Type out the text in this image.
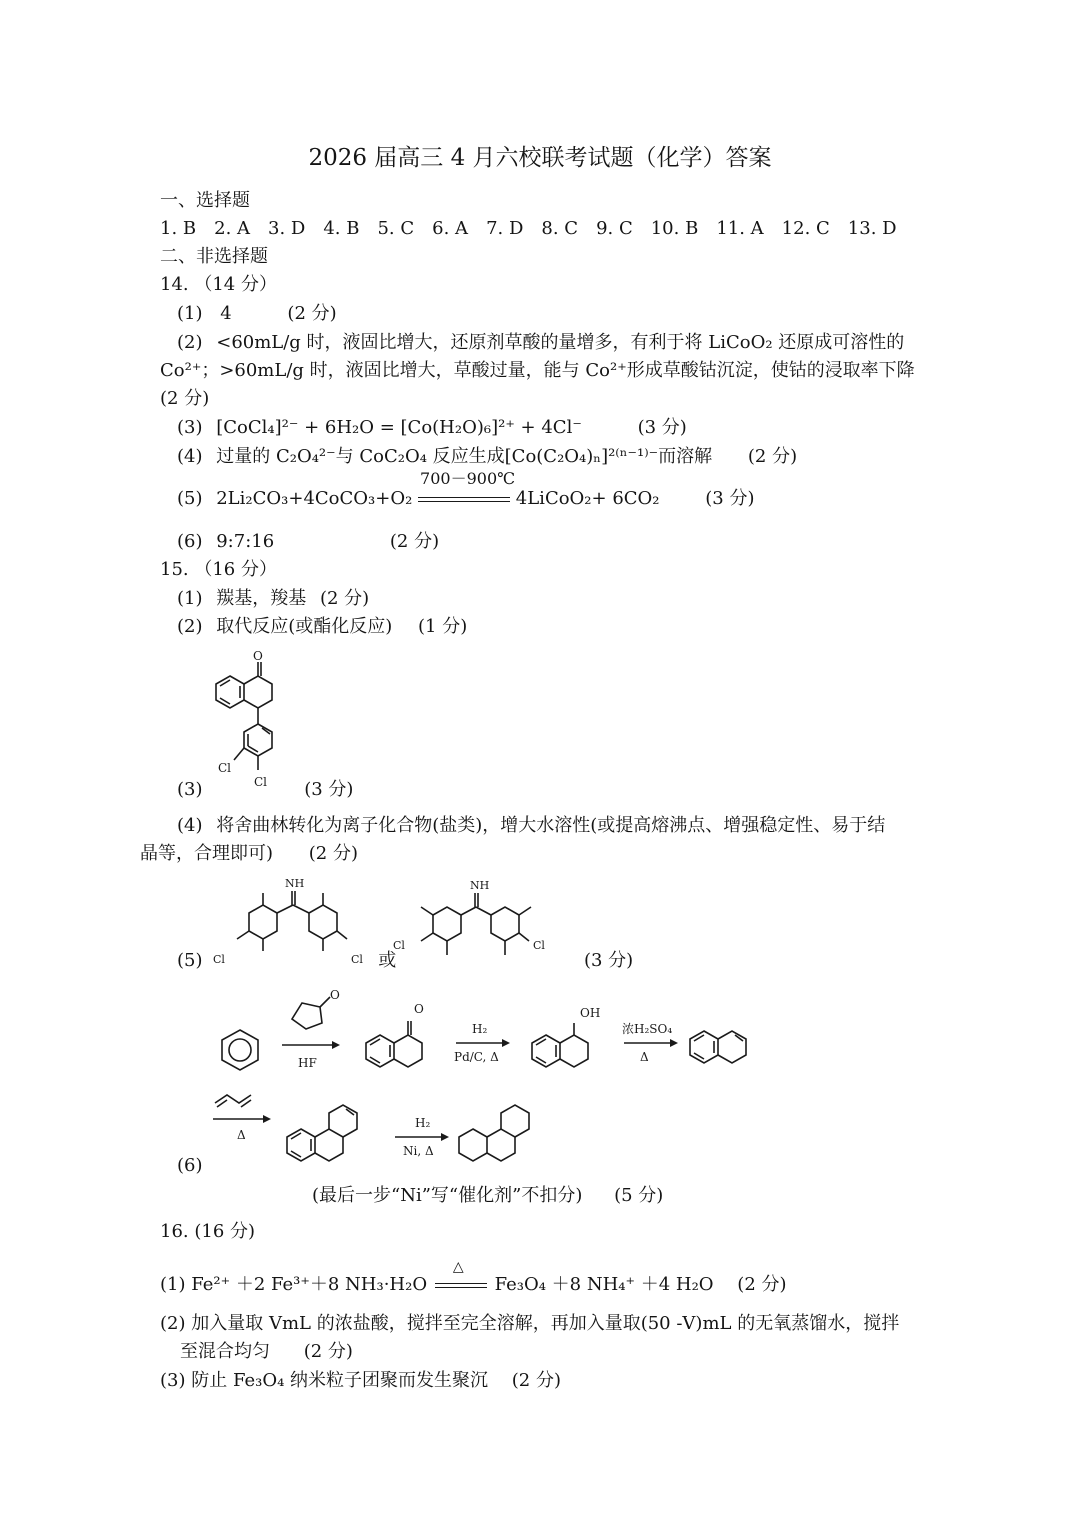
2026 届高三 4 月六校联考试题（化学）答案
一、选择题
1. B 2. A 3. D 4. B 5. C 6. A 7. D 8. C 9. C 10. B 11. A 12. C 13. D
二、非选择题
14. （14 分）
(1) 4	(2 分)
(2) <60mL/g 时，液固比增大，还原剂草酸的量增多，有利于将 LiCoO₂ 还原成可溶性的
Co²⁺；>60mL/g 时，液固比增大，草酸过量，能与 Co²⁺形成草酸钴沉淀，使钴的浸取率下降
(2 分)
(3) [CoCl₄]²⁻ + 6H₂O = [Co(H₂O)₆]²⁺ + 4Cl⁻	(3 分)
(4) 过量的 C₂O₄²⁻与 CoC₂O₄ 反应生成[Co(C₂O₄)ₙ]²⁽ⁿ⁻¹⁾⁻而溶解 (2 分)
(5) 2Li₂CO₃+4CoCO₃+O₂

700－900℃

4LiCoO₂+ 6CO₂	(3 分)
(6) 9:7:16	(2 分)
15. （16 分）
(1) 羰基，羧基 (2 分)
(2) 取代反应(或酯化反应) (1 分)
O
Cl
Cl
(3)	(3 分)
(4) 将舍曲林转化为离子化合物(盐类)，增大水溶性(或提高熔沸点、增强稳定性、易于结
晶等，合理即可) (2 分)
NH
Cl	Cl
NH
Cl	Cl
(5)	或	(3 分)
O
HF
O
H₂
Pd/C, Δ
OH
浓H₂SO₄
Δ
Δ
H₂
Ni, Δ
(6)
(最后一步“Ni”写“催化剂”不扣分) (5 分)
16. (16 分)
(1) Fe²⁺ ＋2 Fe³⁺＋8 NH₃·H₂O

△

Fe₃O₄ ＋8 NH₄⁺ ＋4 H₂O (2 分)
(2) 加入量取 VmL 的浓盐酸，搅拌至完全溶解，再加入量取(50 -V)mL 的无氧蒸馏水，搅拌
至混合均匀 (2 分)
(3) 防止 Fe₃O₄ 纳米粒子团聚而发生聚沉 (2 分)
